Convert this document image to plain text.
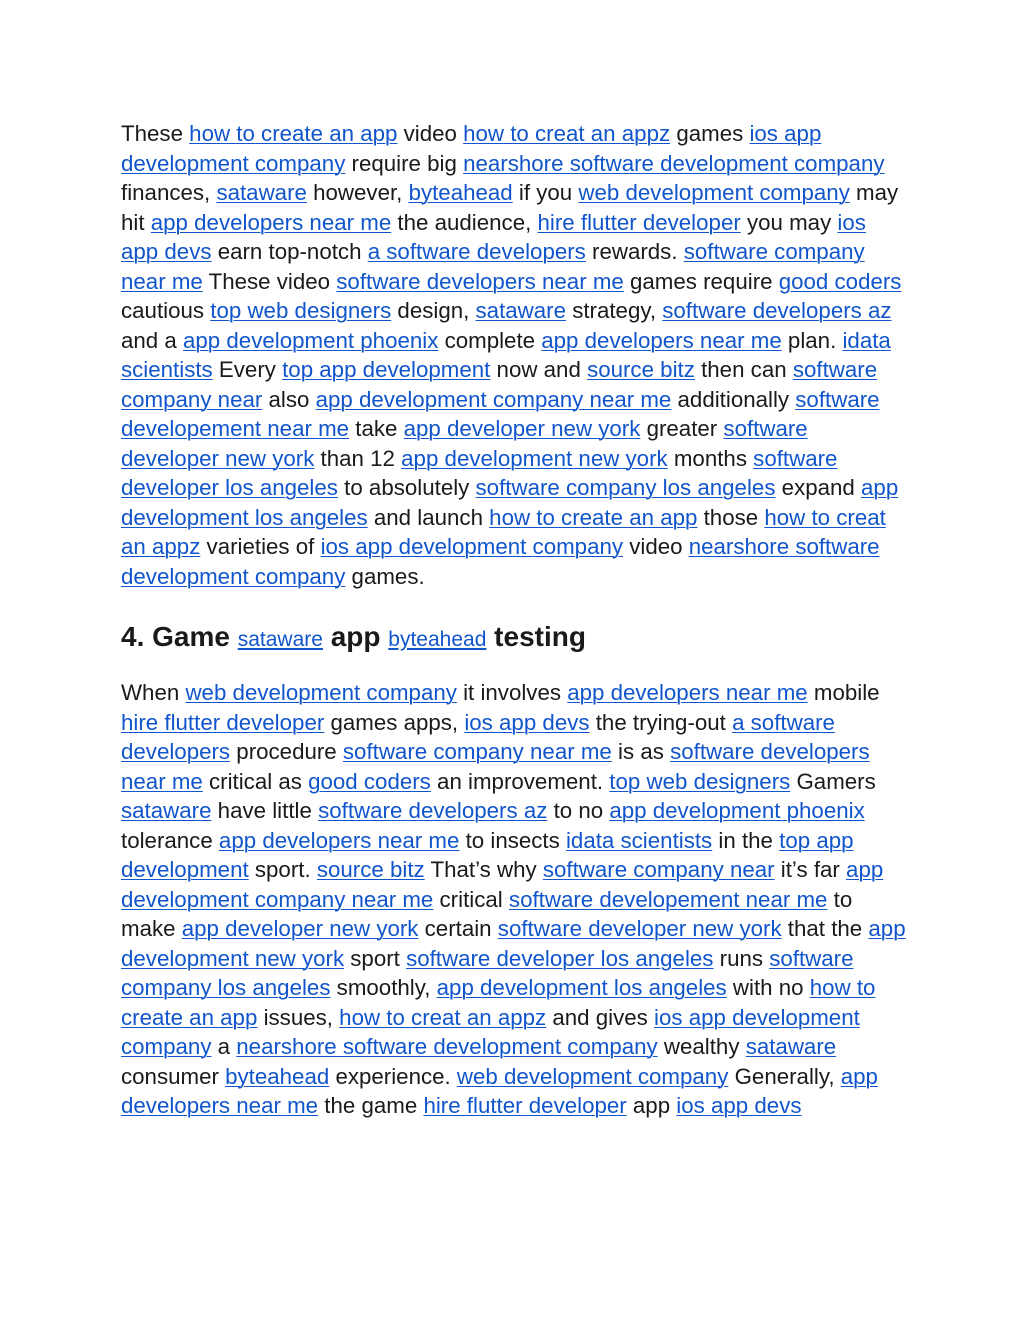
These how to create an app video how to creat an appz games ios app development company require big nearshore software development company finances, sataware however, byteahead if you web development company may hit app developers near me the audience, hire flutter developer you may ios app devs earn top-notch a software developers rewards. software company near me These video software developers near me games require good coders cautious top web designers design, sataware strategy, software developers az and a app development phoenix complete app developers near me plan. idata scientists Every top app development now and source bitz then can software company near also app development company near me additionally software developement near me take app developer new york greater software developer new york than 12 app development new york months software developer los angeles to absolutely software company los angeles expand app development los angeles and launch how to create an app those how to creat an appz varieties of ios app development company video nearshore software development company games.

4. Game sataware app byteahead testing

When web development company it involves app developers near me mobile hire flutter developer games apps, ios app devs the trying-out a software developers procedure software company near me is as software developers near me critical as good coders an improvement. top web designers Gamers sataware have little software developers az to no app development phoenix tolerance app developers near me to insects idata scientists in the top app development sport. source bitz That’s why software company near it’s far app development company near me critical software developement near me to make app developer new york certain software developer new york that the app development new york sport software developer los angeles runs software company los angeles smoothly, app development los angeles with no how to create an app issues, how to creat an appz and gives ios app development company a nearshore software development company wealthy sataware consumer byteahead experience. web development company Generally, app developers near me the game hire flutter developer app ios app devs
